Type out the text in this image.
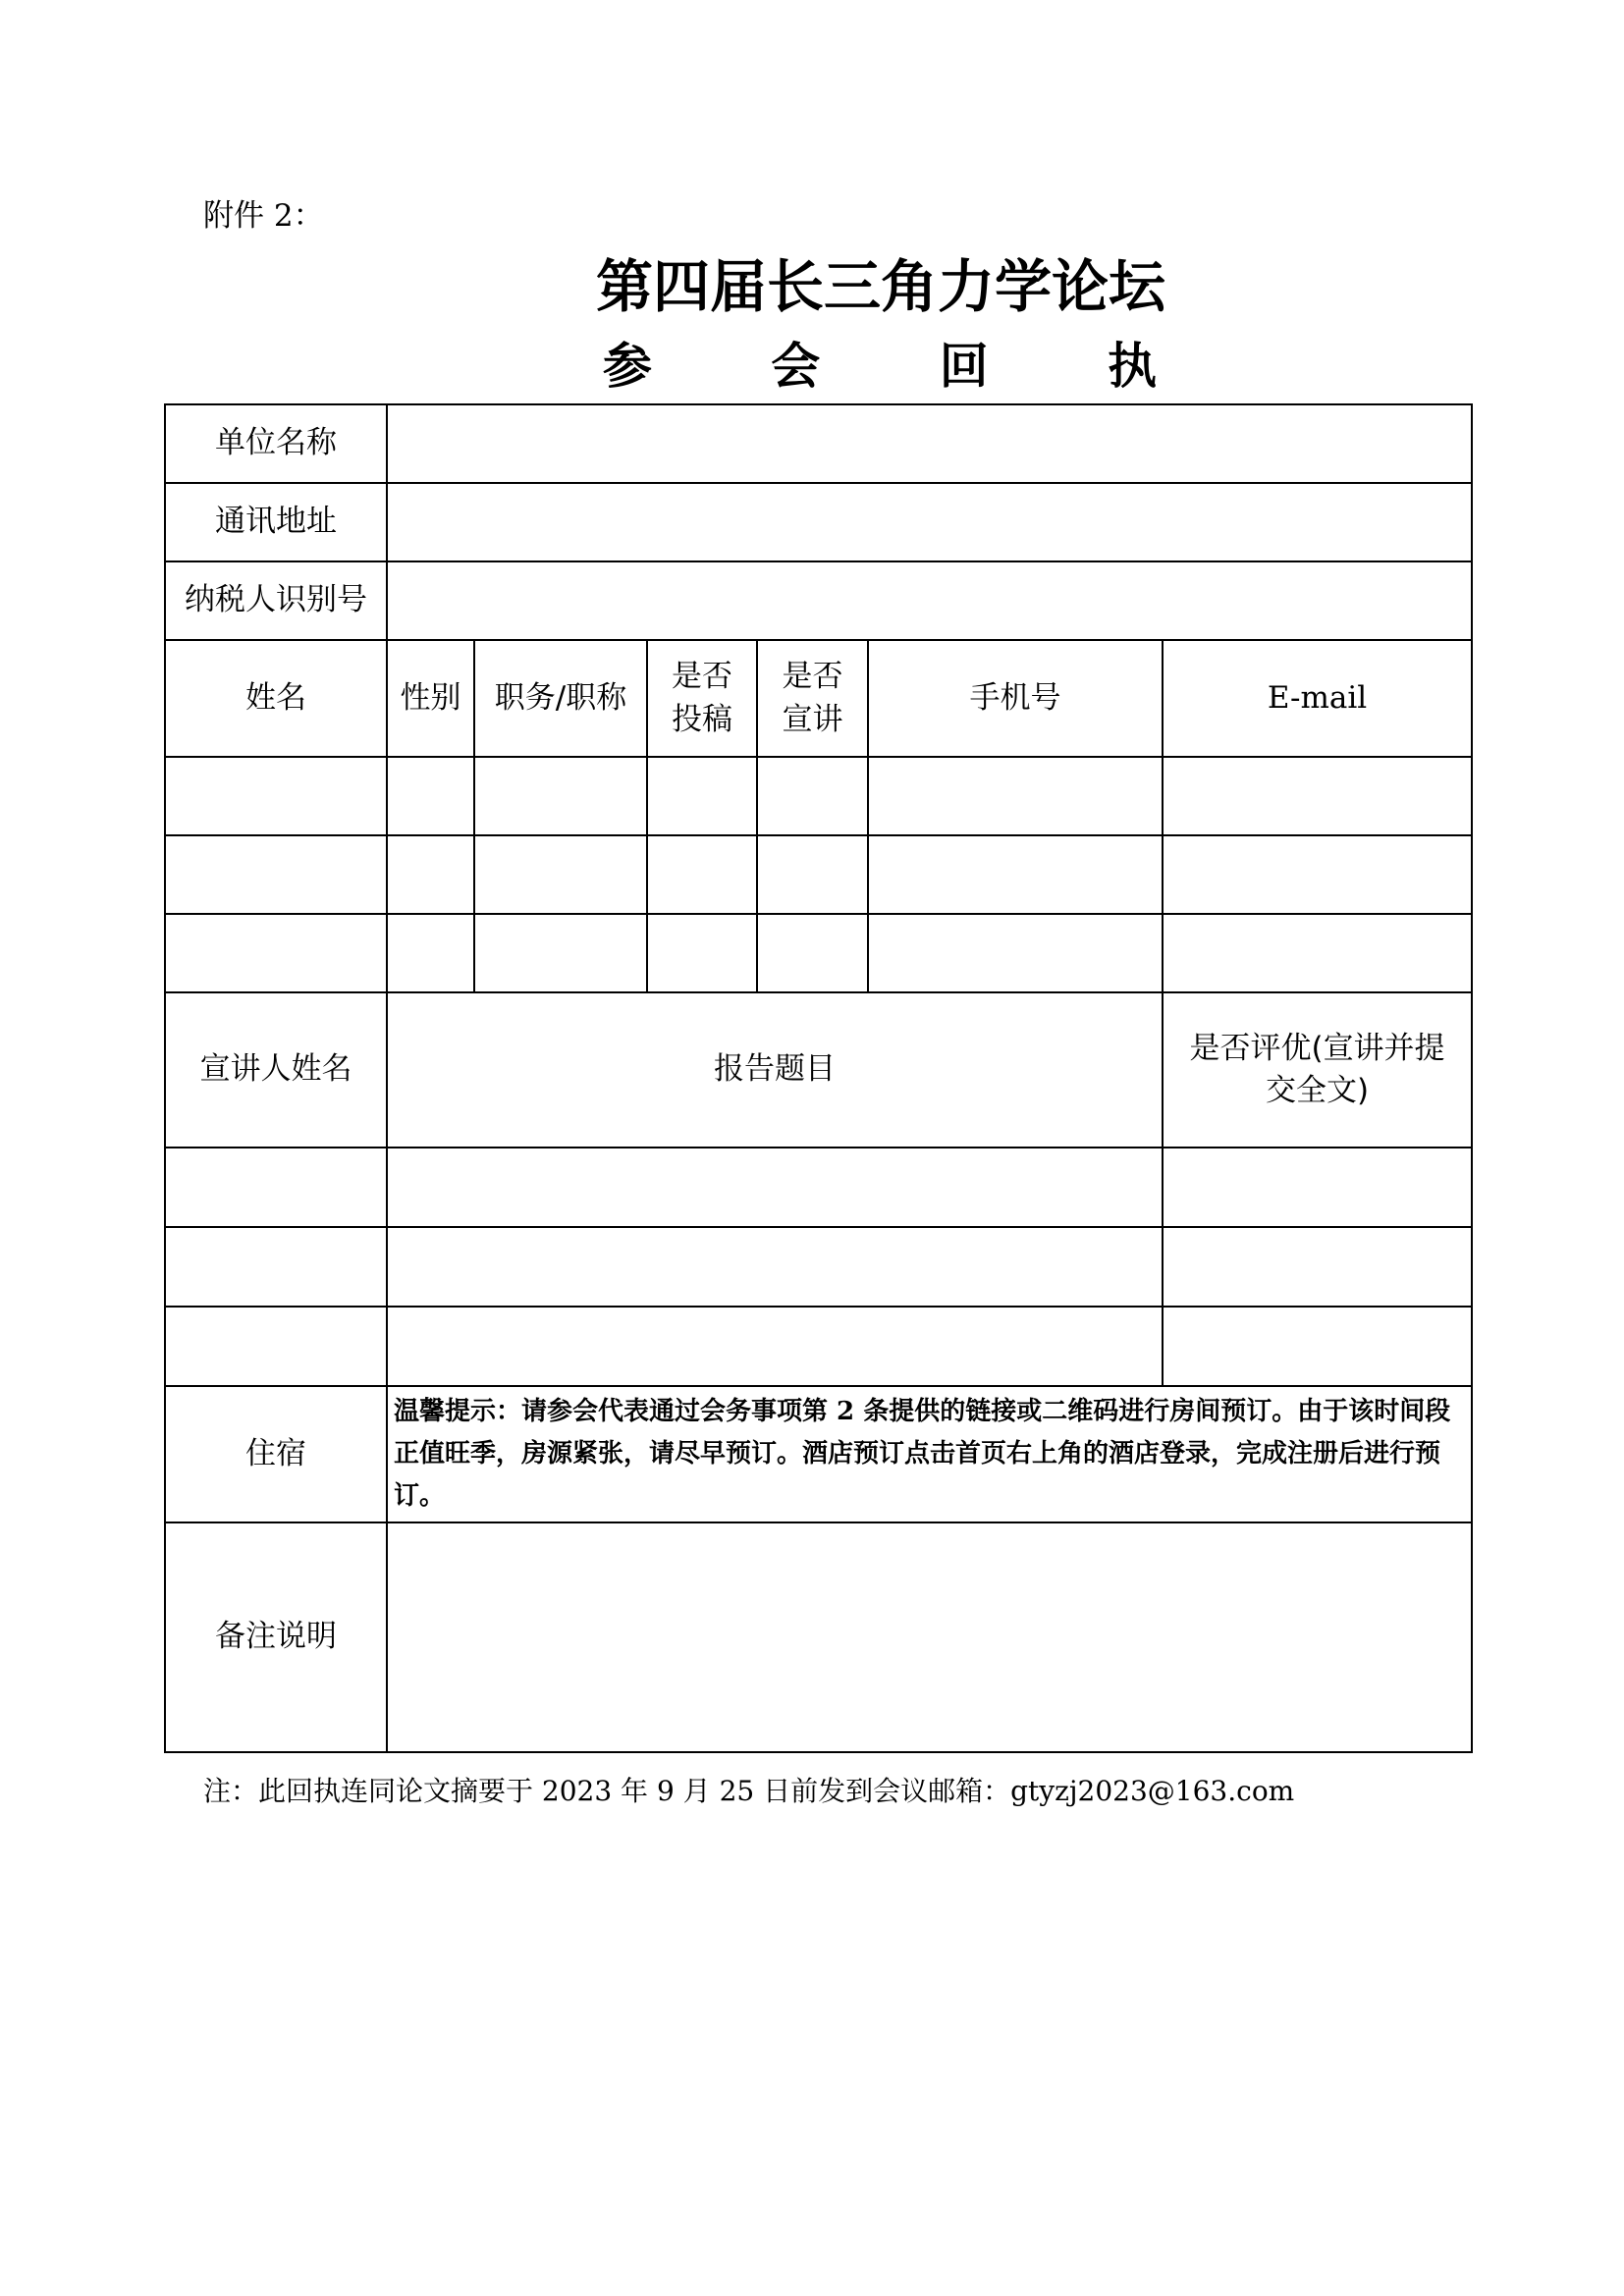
附件 2：
第四届长三角力学论坛
参 会 回 执
单位名称						
通讯地址						
纳税人识别号						
姓名	性别	职务/职称	是否投稿	是否宣讲	手机号	E-mail

宣讲人姓名	报告题目					是否评优(宣讲并提交全文)

住宿	温馨提示：请参会代表通过会务事项第 2 条提供的链接或二维码进行房间预订。由于该时间段正值旺季，房源紧张，请尽早预订。酒店预订点击首页右上角的酒店登录，完成注册后进行预订。					
备注说明						
注：此回执连同论文摘要于 2023 年 9 月 25 日前发到会议邮箱：gtyzj2023@163.com
